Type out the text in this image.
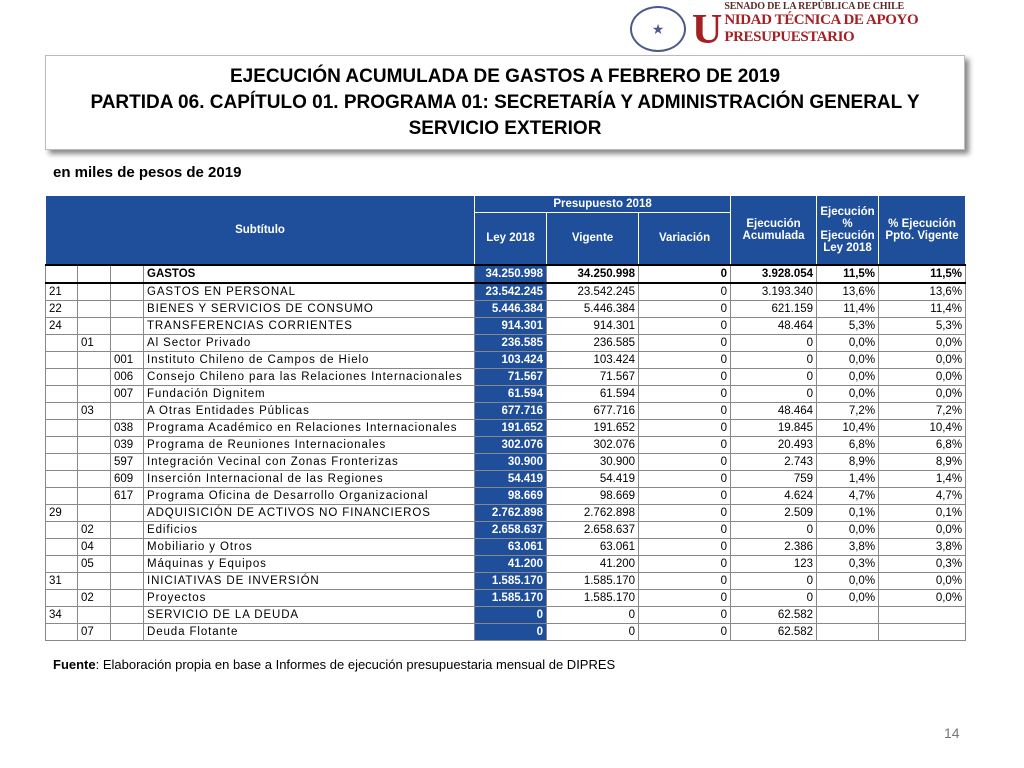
★ U
SENADO DE LA REPÚBLICA DE CHILE
NIDAD TÉCNICA DE APOYO PRESUPUESTARIO
EJECUCIÓN ACUMULADA DE GASTOS A FEBRERO DE 2019
PARTIDA 06. CAPÍTULO 01. PROGRAMA 01: SECRETARÍA Y ADMINISTRACIÓN GENERAL Y
SERVICIO EXTERIOR
en miles de pesos de 2019
Subtítulo				Presupuesto 2018			Ejecución Acumulada	Ejecución % Ejecución Ley 2018	% Ejecución Ppto. Vigente
				Ley 2018	Vigente	Variación			

			GASTOS	34.250.998	34.250.998	0	3.928.054	11,5%	11,5%
21			GASTOS EN PERSONAL	23.542.245	23.542.245	0	3.193.340	13,6%	13,6%
22			BIENES Y SERVICIOS DE CONSUMO	5.446.384	5.446.384	0	621.159	11,4%	11,4%
24			TRANSFERENCIAS CORRIENTES	914.301	914.301	0	48.464	5,3%	5,3%
	01		Al Sector Privado	236.585	236.585	0	0	0,0%	0,0%
		001	Instituto Chileno de Campos de Hielo	103.424	103.424	0	0	0,0%	0,0%
		006	Consejo Chileno para las Relaciones Internacionales	71.567	71.567	0	0	0,0%	0,0%
		007	Fundación Dignitem	61.594	61.594	0	0	0,0%	0,0%
	03		A Otras Entidades Públicas	677.716	677.716	0	48.464	7,2%	7,2%
		038	Programa Académico en Relaciones Internacionales	191.652	191.652	0	19.845	10,4%	10,4%
		039	Programa de Reuniones Internacionales	302.076	302.076	0	20.493	6,8%	6,8%
		597	Integración Vecinal con Zonas Fronterizas	30.900	30.900	0	2.743	8,9%	8,9%
		609	Inserción Internacional de las Regiones	54.419	54.419	0	759	1,4%	1,4%
		617	Programa Oficina de Desarrollo Organizacional	98.669	98.669	0	4.624	4,7%	4,7%
29			ADQUISICIÓN DE ACTIVOS NO FINANCIEROS	2.762.898	2.762.898	0	2.509	0,1%	0,1%
	02		Edificios	2.658.637	2.658.637	0	0	0,0%	0,0%
	04		Mobiliario y Otros	63.061	63.061	0	2.386	3,8%	3,8%
	05		Máquinas y Equipos	41.200	41.200	0	123	0,3%	0,3%
31			INICIATIVAS DE INVERSIÓN	1.585.170	1.585.170	0	0	0,0%	0,0%
	02		Proyectos	1.585.170	1.585.170	0	0	0,0%	0,0%
34			SERVICIO DE LA DEUDA	0	0	0	62.582		
	07		Deuda Flotante	0	0	0	62.582		
Fuente: Elaboración propia en base a Informes de ejecución presupuestaria mensual de DIPRES
14
